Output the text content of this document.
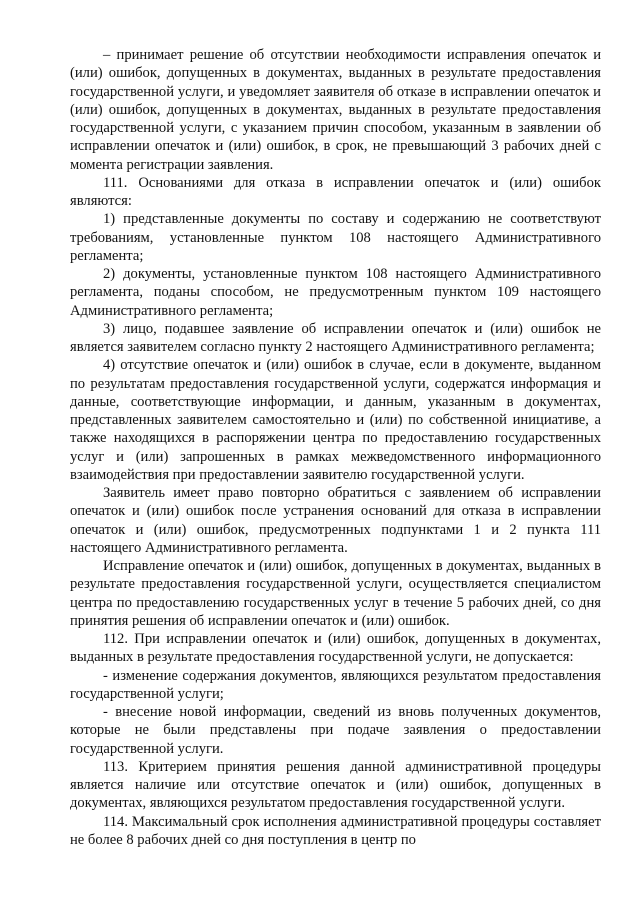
– принимает решение об отсутствии необходимости исправления опечаток и (или) ошибок, допущенных в документах, выданных в результате предоставления государственной услуги, и уведомляет заявителя об отказе в исправлении опечаток и (или) ошибок, допущенных в документах, выданных в результате предоставления государственной услуги, с указанием причин способом, указанным в заявлении об исправлении опечаток и (или) ошибок, в срок, не превышающий 3 рабочих дней с момента регистрации заявления.

111. Основаниями для отказа в исправлении опечаток и (или) ошибок являются:

1) представленные документы по составу и содержанию не соответствуют требованиям, установленные пунктом 108 настоящего Административного регламента;

2) документы, установленные пунктом 108 настоящего Административного регламента, поданы способом, не предусмотренным пунктом 109 настоящего Административного регламента;

3) лицо, подавшее заявление об исправлении опечаток и (или) ошибок не является заявителем согласно пункту 2 настоящего Административного регламента;

4) отсутствие опечаток и (или) ошибок в случае, если в документе, выданном по результатам предоставления государственной услуги, содержатся информация и данные, соответствующие информации, и данным, указанным в документах, представленных заявителем самостоятельно и (или) по собственной инициативе, а также находящихся в распоряжении центра по предоставлению государственных услуг и (или) запрошенных в рамках межведомственного информационного взаимодействия при предоставлении заявителю государственной услуги.

Заявитель имеет право повторно обратиться с заявлением об исправлении опечаток и (или) ошибок после устранения оснований для отказа в исправлении опечаток и (или) ошибок, предусмотренных подпунктами 1 и 2 пункта 111 настоящего Административного регламента.

Исправление опечаток и (или) ошибок, допущенных в документах, выданных в результате предоставления государственной услуги, осуществляется специалистом центра по предоставлению государственных услуг в течение 5 рабочих дней, со дня принятия решения об исправлении опечаток и (или) ошибок.

112. При исправлении опечаток и (или) ошибок, допущенных в документах, выданных в результате предоставления государственной услуги, не допускается:

- изменение содержания документов, являющихся результатом предоставления государственной услуги;

- внесение новой информации, сведений из вновь полученных документов, которые не были представлены при подаче заявления о предоставлении государственной услуги.

113. Критерием принятия решения данной административной процедуры является наличие или отсутствие опечаток и (или) ошибок, допущенных в документах, являющихся результатом предоставления государственной услуги.

114. Максимальный срок исполнения административной процедуры составляет не более 8 рабочих дней со дня поступления в центр по
